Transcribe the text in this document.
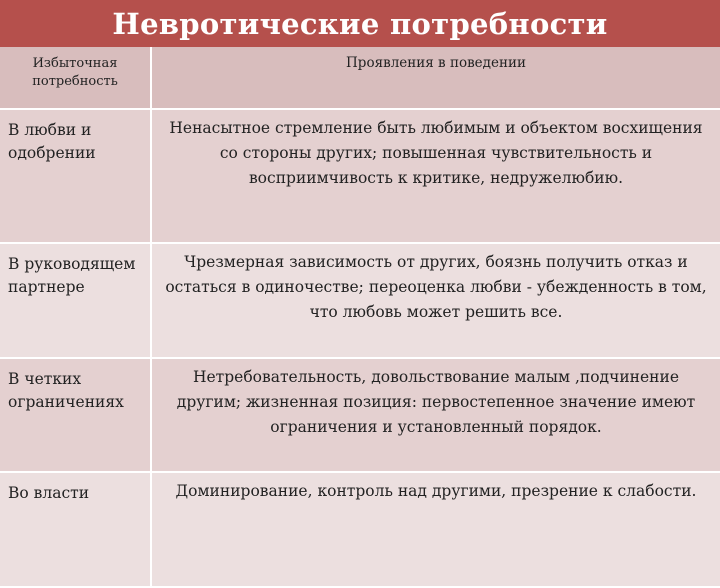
Невротические потребности
Избыточная потребность	Проявления в поведении
В любви и одобрении	Ненасытное стремление быть любимым и объектом восхищения со стороны других; повышенная чувствительность и восприимчивость к критике, недружелюбию.
В руководящем партнере	Чрезмерная зависимость от других, боязнь получить отказ и остаться в одиночестве; переоценка любви - убежденность в том, что любовь может решить все.
В четких ограничениях	Нетребовательность, довольствование малым ,подчинение другим; жизненная позиция: первостепенное значение имеют ограничения и установленный порядок.
Во власти	Доминирование, контроль над другими, презрение к слабости.
